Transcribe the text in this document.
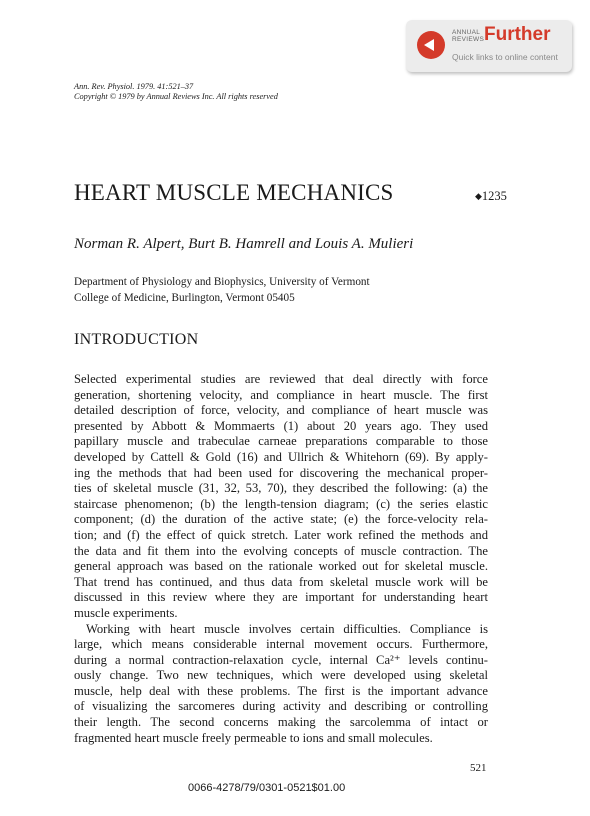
ANNUAL
REVIEWS Further
Quick links to online content
Ann. Rev. Physiol. 1979. 41:521–37
Copyright © 1979 by Annual Reviews Inc. All rights reserved
HEART MUSCLE MECHANICS	◆1235
Norman R. Alpert, Burt B. Hamrell and Louis A. Mulieri
Department of Physiology and Biophysics, University of Vermont
College of Medicine, Burlington, Vermont 05405
INTRODUCTION
Selected experimental studies are reviewed that deal directly with force
generation, shortening velocity, and compliance in heart muscle. The first
detailed description of force, velocity, and compliance of heart muscle was
presented by Abbott & Mommaerts (1) about 20 years ago. They used
papillary muscle and trabeculae carneae preparations comparable to those
developed by Cattell & Gold (16) and Ullrich & Whitehorn (69). By apply-
ing the methods that had been used for discovering the mechanical proper-
ties of skeletal muscle (31, 32, 53, 70), they described the following: (a) the
staircase phenomenon; (b) the length-tension diagram; (c) the series elastic
component; (d) the duration of the active state; (e) the force-velocity rela-
tion; and (f) the effect of quick stretch. Later work refined the methods and
the data and fit them into the evolving concepts of muscle contraction. The
general approach was based on the rationale worked out for skeletal muscle.
That trend has continued, and thus data from skeletal muscle work will be
discussed in this review where they are important for understanding heart
muscle experiments.
Working with heart muscle involves certain difficulties. Compliance is
large, which means considerable internal movement occurs. Furthermore,
during a normal contraction-relaxation cycle, internal Ca²⁺ levels continu-
ously change. Two new techniques, which were developed using skeletal
muscle, help deal with these problems. The first is the important advance
of visualizing the sarcomeres during activity and describing or controlling
their length. The second concerns making the sarcolemma of intact or
fragmented heart muscle freely permeable to ions and small molecules.
521
0066-4278/79/0301-0521$01.00
